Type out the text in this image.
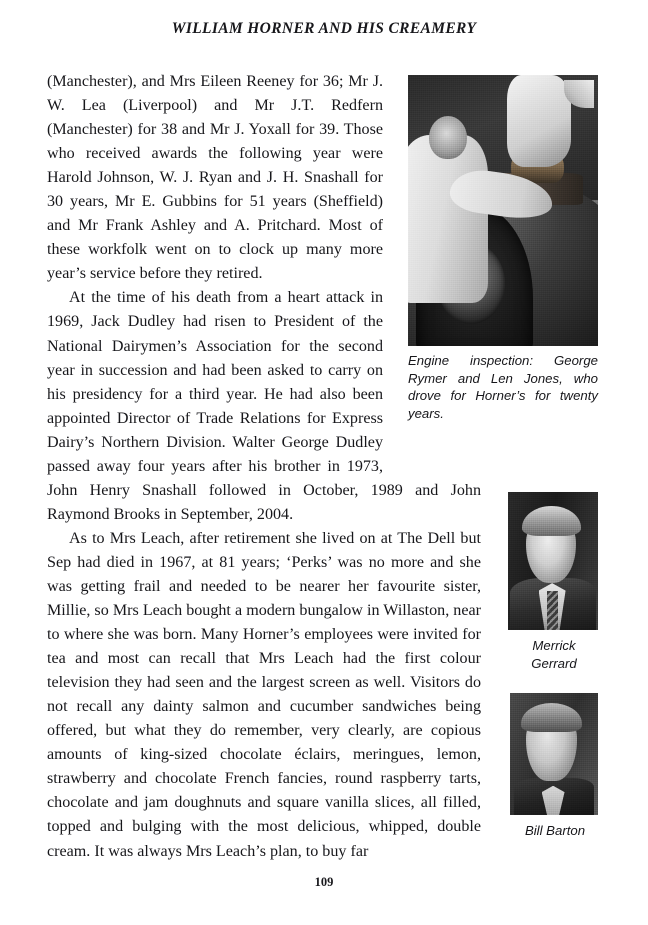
WILLIAM HORNER AND HIS CREAMERY
Engine inspection: George Rymer and Len Jones, who drove for Horner’s for twenty years.
Merrick Gerrard
Bill Barton

(Manchester), and Mrs Eileen Reeney for 36; Mr J. W. Lea (Liverpool) and Mr J.T. Redfern (Manchester) for 38 and Mr J. Yoxall for 39. Those who received awards the following year were Harold Johnson, W. J. Ryan and J. H. Snashall for 30 years, Mr E. Gubbins for 51 years (Sheffield) and Mr Frank Ashley and A. Pritchard. Most of these workfolk went on to clock up many more year’s service before they retired.

At the time of his death from a heart attack in 1969, Jack Dudley had risen to President of the National Dairymen’s Association for the second year in succession and had been asked to carry on his presidency for a third year. He had also been appointed Director of Trade Relations for Express Dairy’s Northern Division. Walter George Dudley passed away four years after his brother in 1973, John Henry Snashall followed in October, 1989 and John Raymond Brooks in September, 2004.

As to Mrs Leach, after retirement she lived on at The Dell but Sep had died in 1967, at 81 years; ‘Perks’ was no more and she was getting frail and needed to be nearer her favourite sister, Millie, so Mrs Leach bought a modern bungalow in Willaston, near to where she was born. Many Horner’s employees were invited for tea and most can recall that Mrs Leach had the first colour television they had seen and the largest screen as well. Visitors do not recall any dainty salmon and cucumber sandwiches being offered, but what they do remember, very clearly, are copious amounts of king-sized chocolate éclairs, meringues, lemon, strawberry and chocolate French fancies, round raspberry tarts, chocolate and jam doughnuts and square vanilla slices, all filled, topped and bulging with the most delicious, whipped, double cream. It was always Mrs Leach’s plan, to buy far

109
